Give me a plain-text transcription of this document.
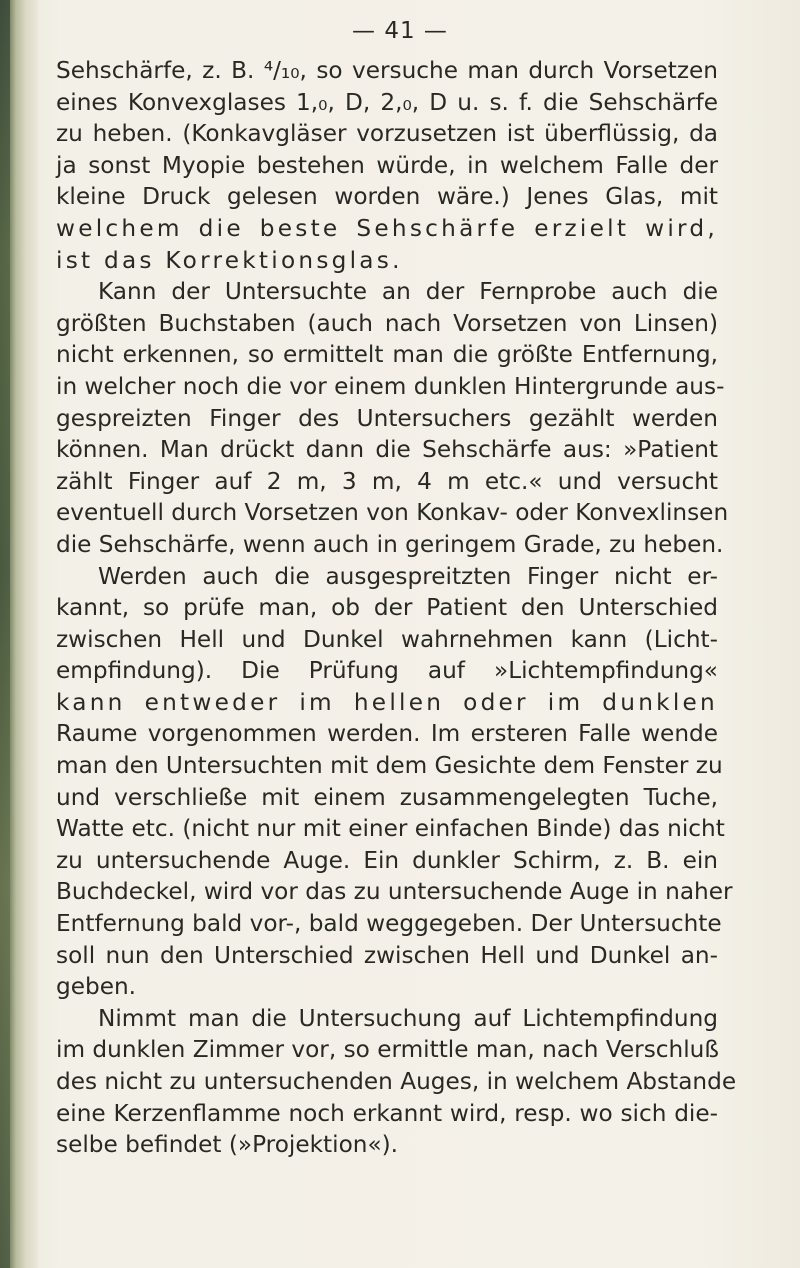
— 41 —
Sehschärfe, z. B. ⁴/₁₀, so versuche man durch Vorsetzen
eines Konvexglases 1,₀, D, 2,₀, D u. s. f. die Sehschärfe
zu heben. (Konkavgläser vorzusetzen ist überflüssig, da
ja sonst Myopie bestehen würde, in welchem Falle der
kleine Druck gelesen worden wäre.) Jenes Glas, mit
welchem die beste Sehschärfe erzielt wird,
ist das Korrektionsglas.
Kann der Untersuchte an der Fernprobe auch die
größten Buchstaben (auch nach Vorsetzen von Linsen)
nicht erkennen, so ermittelt man die größte Entfernung,
in welcher noch die vor einem dunklen Hintergrunde aus-
gespreizten Finger des Untersuchers gezählt werden
können. Man drückt dann die Sehschärfe aus: »Patient
zählt Finger auf 2 m, 3 m, 4 m etc.« und versucht
eventuell durch Vorsetzen von Konkav- oder Konvexlinsen
die Sehschärfe, wenn auch in geringem Grade, zu heben.
Werden auch die ausgespreitzten Finger nicht er-
kannt, so prüfe man, ob der Patient den Unterschied
zwischen Hell und Dunkel wahrnehmen kann (Licht-
empfindung). Die Prüfung auf »Lichtempfindung«
kann entweder im hellen oder im dunklen
Raume vorgenommen werden. Im ersteren Falle wende
man den Untersuchten mit dem Gesichte dem Fenster zu
und verschließe mit einem zusammengelegten Tuche,
Watte etc. (nicht nur mit einer einfachen Binde) das nicht
zu untersuchende Auge. Ein dunkler Schirm, z. B. ein
Buchdeckel, wird vor das zu untersuchende Auge in naher
Entfernung bald vor-, bald weggegeben. Der Untersuchte
soll nun den Unterschied zwischen Hell und Dunkel an-
geben.
Nimmt man die Untersuchung auf Lichtempfindung
im dunklen Zimmer vor, so ermittle man, nach Verschluß
des nicht zu untersuchenden Auges, in welchem Abstande
eine Kerzenflamme noch erkannt wird, resp. wo sich die-
selbe befindet (»Projektion«).
